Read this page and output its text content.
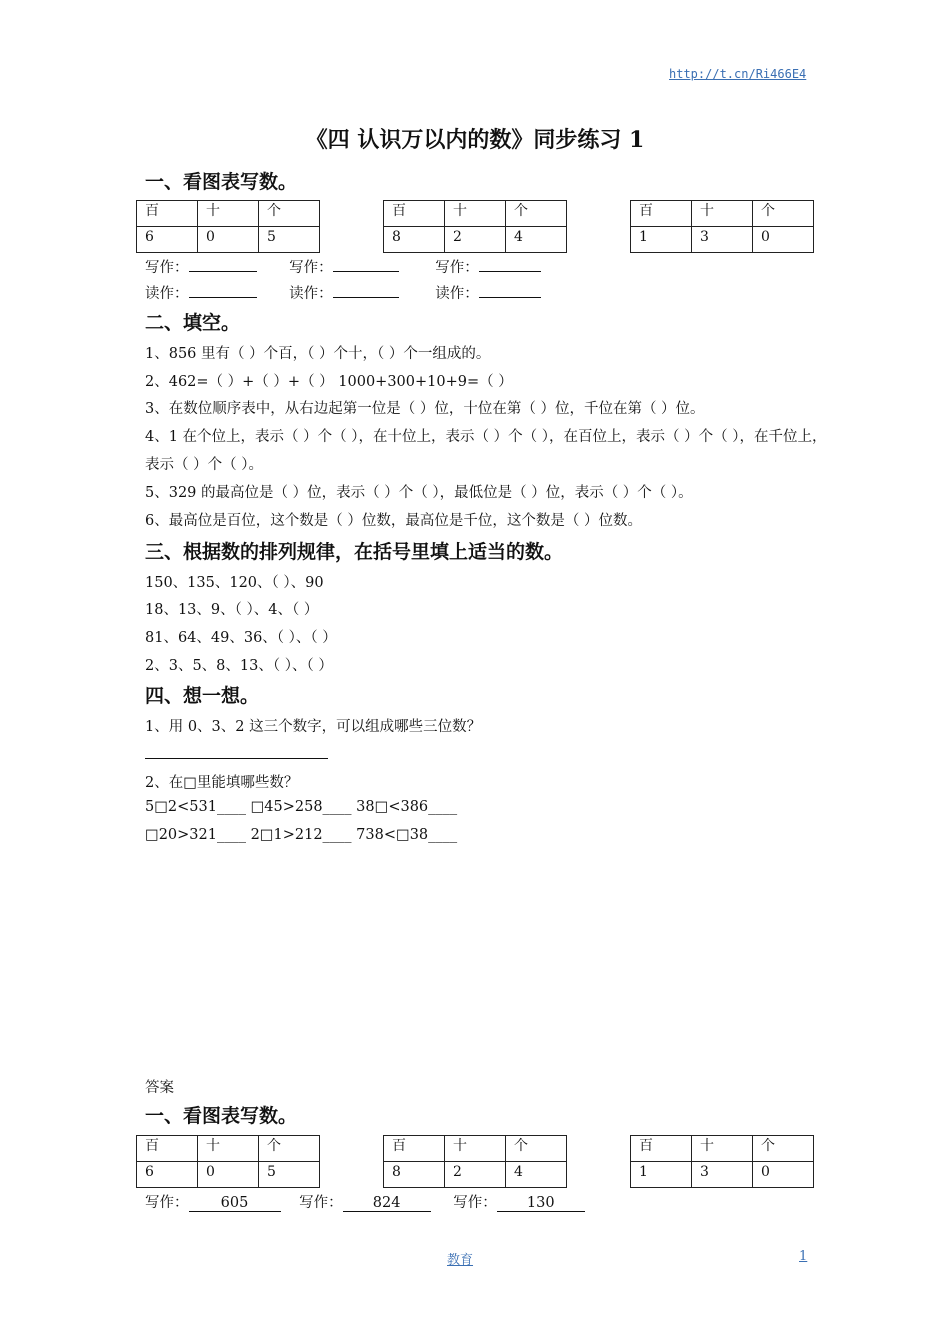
http://t.cn/Ri466E4
《四 认识万以内的数》同步练习 1
一、看图表写数。
百	十	个
6	0	5
百	十	个
8	2	4
百	十	个
1	3	0
写作：	写作：	写作：
读作：	读作：	读作：
二、填空。
1、856 里有（ ）个百，（ ）个十，（ ）个一组成的。
2、462=（ ）+（ ）+（ ） 1000+300+10+9=（ ）
3、在数位顺序表中，从右边起第一位是（ ）位，十位在第（ ）位，千位在第（ ）位。
4、1 在个位上，表示（ ）个（ ），在十位上，表示（ ）个（ ），在百位上，表示（ ）个（ ），在千位上，
表示（ ）个（ ）。
5、329 的最高位是（ ）位，表示（ ）个（ ），最低位是（ ）位，表示（ ）个（ ）。
6、最高位是百位，这个数是（ ）位数，最高位是千位，这个数是（ ）位数。
三、根据数的排列规律，在括号里填上适当的数。
150、135、120、（ ）、90
18、13、9、（ ）、4、（ ）
81、64、49、36、（ ）、（ ）
2、3、5、8、13、（ ）、（ ）
四、想一想。
1、用 0、3、2 这三个数字，可以组成哪些三位数？
2、在□里能填哪些数？
5□2<531____ □45>258____ 38□<386____
□20>321____ 2□1>212____ 738<□38____
答案
一、看图表写数。
百	十	个
6	0	5
百	十	个
8	2	4
百	十	个
1	3	0
写作： 605	写作： 824	写作： 130
教育	1
